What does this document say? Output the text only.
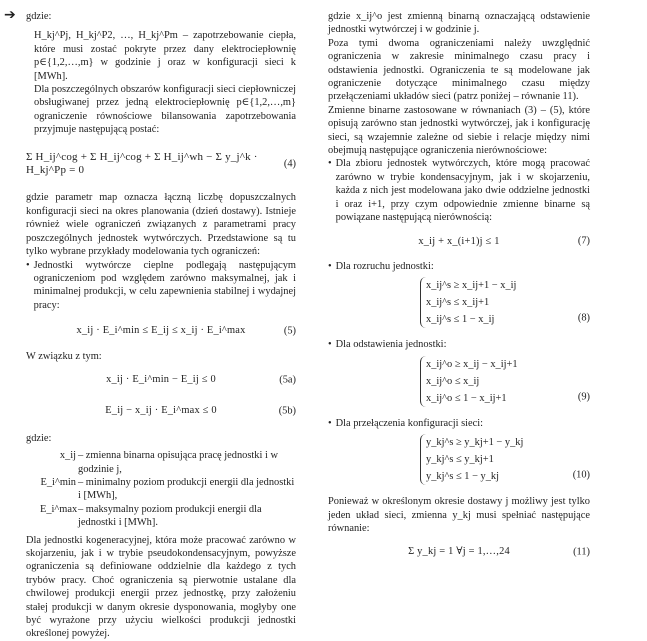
➔ gdzie:

H_kj^Pj, H_kj^P2, …, H_kj^Pm – zapotrzebowanie ciepła, które musi zostać pokryte przez dany elektrociepłownię p∈{1,2,…,m} w godzinie j oraz w konfiguracji sieci k [MWh].

Dla poszczególnych obszarów konfiguracji sieci ciepłowniczej obsługiwanej przez jedną elektrociepłownię p∈{1,2,…,m} ograniczenie równościowe bilansowania zapotrzebowania przyjmuje następującą postać:

Σ H_ij^cog + Σ H_ij^cog + Σ H_ij^wh − Σ y_j^k · H_kj^Pp = 0
(4)

gdzie parametr map oznacza łączną liczbę dopuszczalnych konfiguracji sieci na okres planowania (dzień dostawy). Istnieje również wiele ograniczeń związanych z parametrami pracy poszczególnych jednostek wytwórczych. Przedstawione są tu tylko wybrane przykłady modelowania tych ograniczeń:

• Jednostki wytwórcze cieplne podlegają następującym ograniczeniom pod względem zarówno maksymalnej, jak i minimalnej produkcji, w celu zapewnienia stabilnej i wydajnej pracy:

x_ij · E_i^min ≤ E_ij ≤ x_ij · E_i^max	(5)

W związku z tym:

x_ij · E_i^min − E_ij ≤ 0	(5a)
E_ij − x_ij · E_i^max ≤ 0	(5b)

gdzie:

x_ij – zmienna binarna opisująca pracę jednostki i w godzinie j,
E_i^min – minimalny poziom produkcji energii dla jednostki i [MWh],
E_i^max – maksymalny poziom produkcji energii dla jednostki i [MWh].

Dla jednostki kogeneracyjnej, która może pracować zarówno w skojarzeniu, jak i w trybie pseudokondensacyjnym, powyższe ograniczenia są definiowane oddzielnie dla każdego z tych trybów pracy. Choć ograniczenia są pierwotnie ustalane dla chwilowej produkcji energii przez jednostkę, przy założeniu stałej produkcji w danym okresie dysponowania, mogłyby one być wyrażone przy użyciu wielkości produkcji jednostki określonej powyżej.

gdzie x_ij^o jest zmienną binarną oznaczającą odstawienie jednostki wytwórczej i w godzinie j.

Poza tymi dwoma ograniczeniami należy uwzględnić ograniczenia w zakresie minimalnego czasu pracy i odstawienia jednostki. Ograniczenia te są modelowane jak ograniczenie dotyczące minimalnego czasu między przełączeniami układów sieci (patrz poniżej – równanie 11).

Zmienne binarne zastosowane w równaniach (3) – (5), które opisują zarówno stan jednostki wytwórczej, jak i konfigurację sieci, są wzajemnie zależne od siebie i relacje między nimi obejmują następujące ograniczenia nierównościowe:

• Dla zbioru jednostek wytwórczych, które mogą pracować zarówno w trybie kondensacyjnym, jak i w skojarzeniu, każda z nich jest modelowana jako dwie oddzielne jednostki i oraz i+1, przy czym odpowiednie zmienne binarne są powiązane następującą nierównością:

x_ij + x_(i+1)j ≤ 1	(7)
• Dla rozruchu jednostki:

x_ij^s ≥ x_ij+1 − x_ij
x_ij^s ≤ x_ij+1
x_ij^s ≤ 1 − x_ij	(8)
• Dla odstawienia jednostki:

x_ij^o ≥ x_ij − x_ij+1
x_ij^o ≤ x_ij
x_ij^o ≤ 1 − x_ij+1	(9)
• Dla przełączenia konfiguracji sieci:

y_kj^s ≥ y_kj+1 − y_kj
y_kj^s ≤ y_kj+1
y_kj^s ≤ 1 − y_kj	(10)

Ponieważ w określonym okresie dostawy j możliwy jest tylko jeden układ sieci, zmienna y_kj musi spełniać następujące równanie:

Σ y_kj = 1 ∀j = 1,…,24	(11)
